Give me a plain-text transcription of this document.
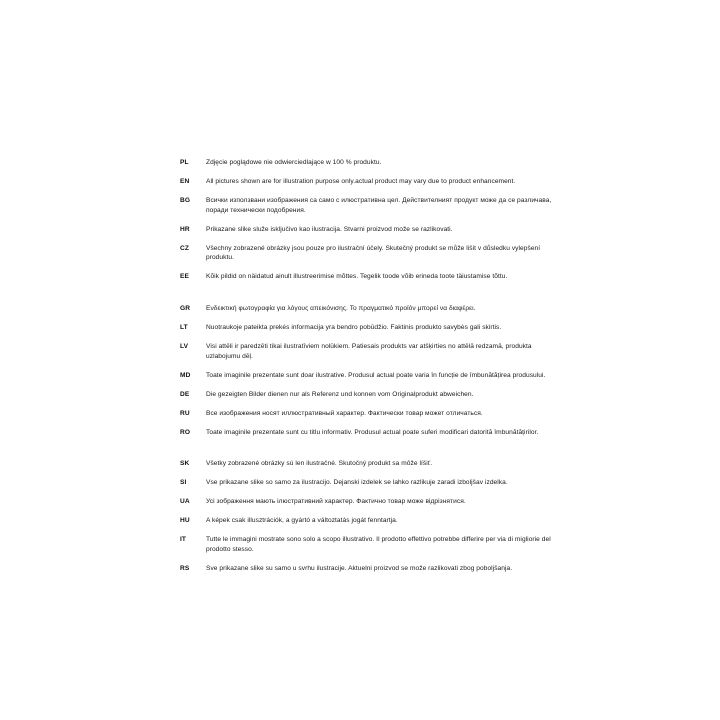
PL	Zdjęcie poglądowe nie odwierciedlające w 100 % produktu.
EN	All pictures shown are for illustration purpose only.actual product may vary due to product enhancement.
BG	Всички използвани изображения са само с илюстративна цел. Действителният продукт може да се различава, поради технически подобрения.
HR	Prikazane slike služe isključivo kao ilustracija. Stvarni proizvod može se razlikovati.
CZ	Všechny zobrazené obrázky jsou pouze pro ilustrační účely. Skutečný produkt se může lišit v důsledku vylepšení produktu.
EE	Kõik pildid on näidatud ainult illustreerimise mõttes. Tegelik toode võib erineda toote täiustamise tõttu.
GR	Ενδεικτική φωτογραφία για λόγους απεικόνισης. Το πραγματικό προϊόν μπορεί να διαφέρει.
LT	Nuotraukoje pateikta prekės informacija yra bendro pobūdžio. Faktinis produkto savybės gali skirtis.
LV	Visi attēli ir paredzēti tikai ilustratīviem nolūkiem. Patiesais produkts var atšķirties no attēlā redzamā, produkta uzlabojumu dēļ.
MD	Toate imaginile prezentate sunt doar ilustrative. Produsul actual poate varia în funcție de îmbunătățirea produsului.
DE	Die gezeigten Bilder dienen nur als Referenz und konnen vom Originalprodukt abweichen.
RU	Все изображения носят иллюстративный характер. Фактически товар может отличаться.
RO	Toate imaginile prezentate sunt cu titlu informativ. Produsul actual poate suferi modificari datorită îmbunătățirilor.
SK	Všetky zobrazené obrázky sú len ilustračné. Skutočný produkt sa môže líšiť.
SI	Vse prikazane slike so samo za ilustracijo. Dejanski izdelek se lahko razlikuje zaradi izboljšav izdelka.
UA	Усі зображення мають ілюстративний характер. Фактично товар може відрізнятися.
HU	A képek csak illusztrációk, a gyártó a változtatás jogát fenntartja.
IT	Tutte le immagini mostrate sono solo a scopo illustrativo. Il prodotto effettivo potrebbe differire per via di migliorie del prodotto stesso.
RS	Sve prikazane slike su samo u svrhu ilustracije. Aktuelni proizvod se može razlikovati zbog poboljšanja.
